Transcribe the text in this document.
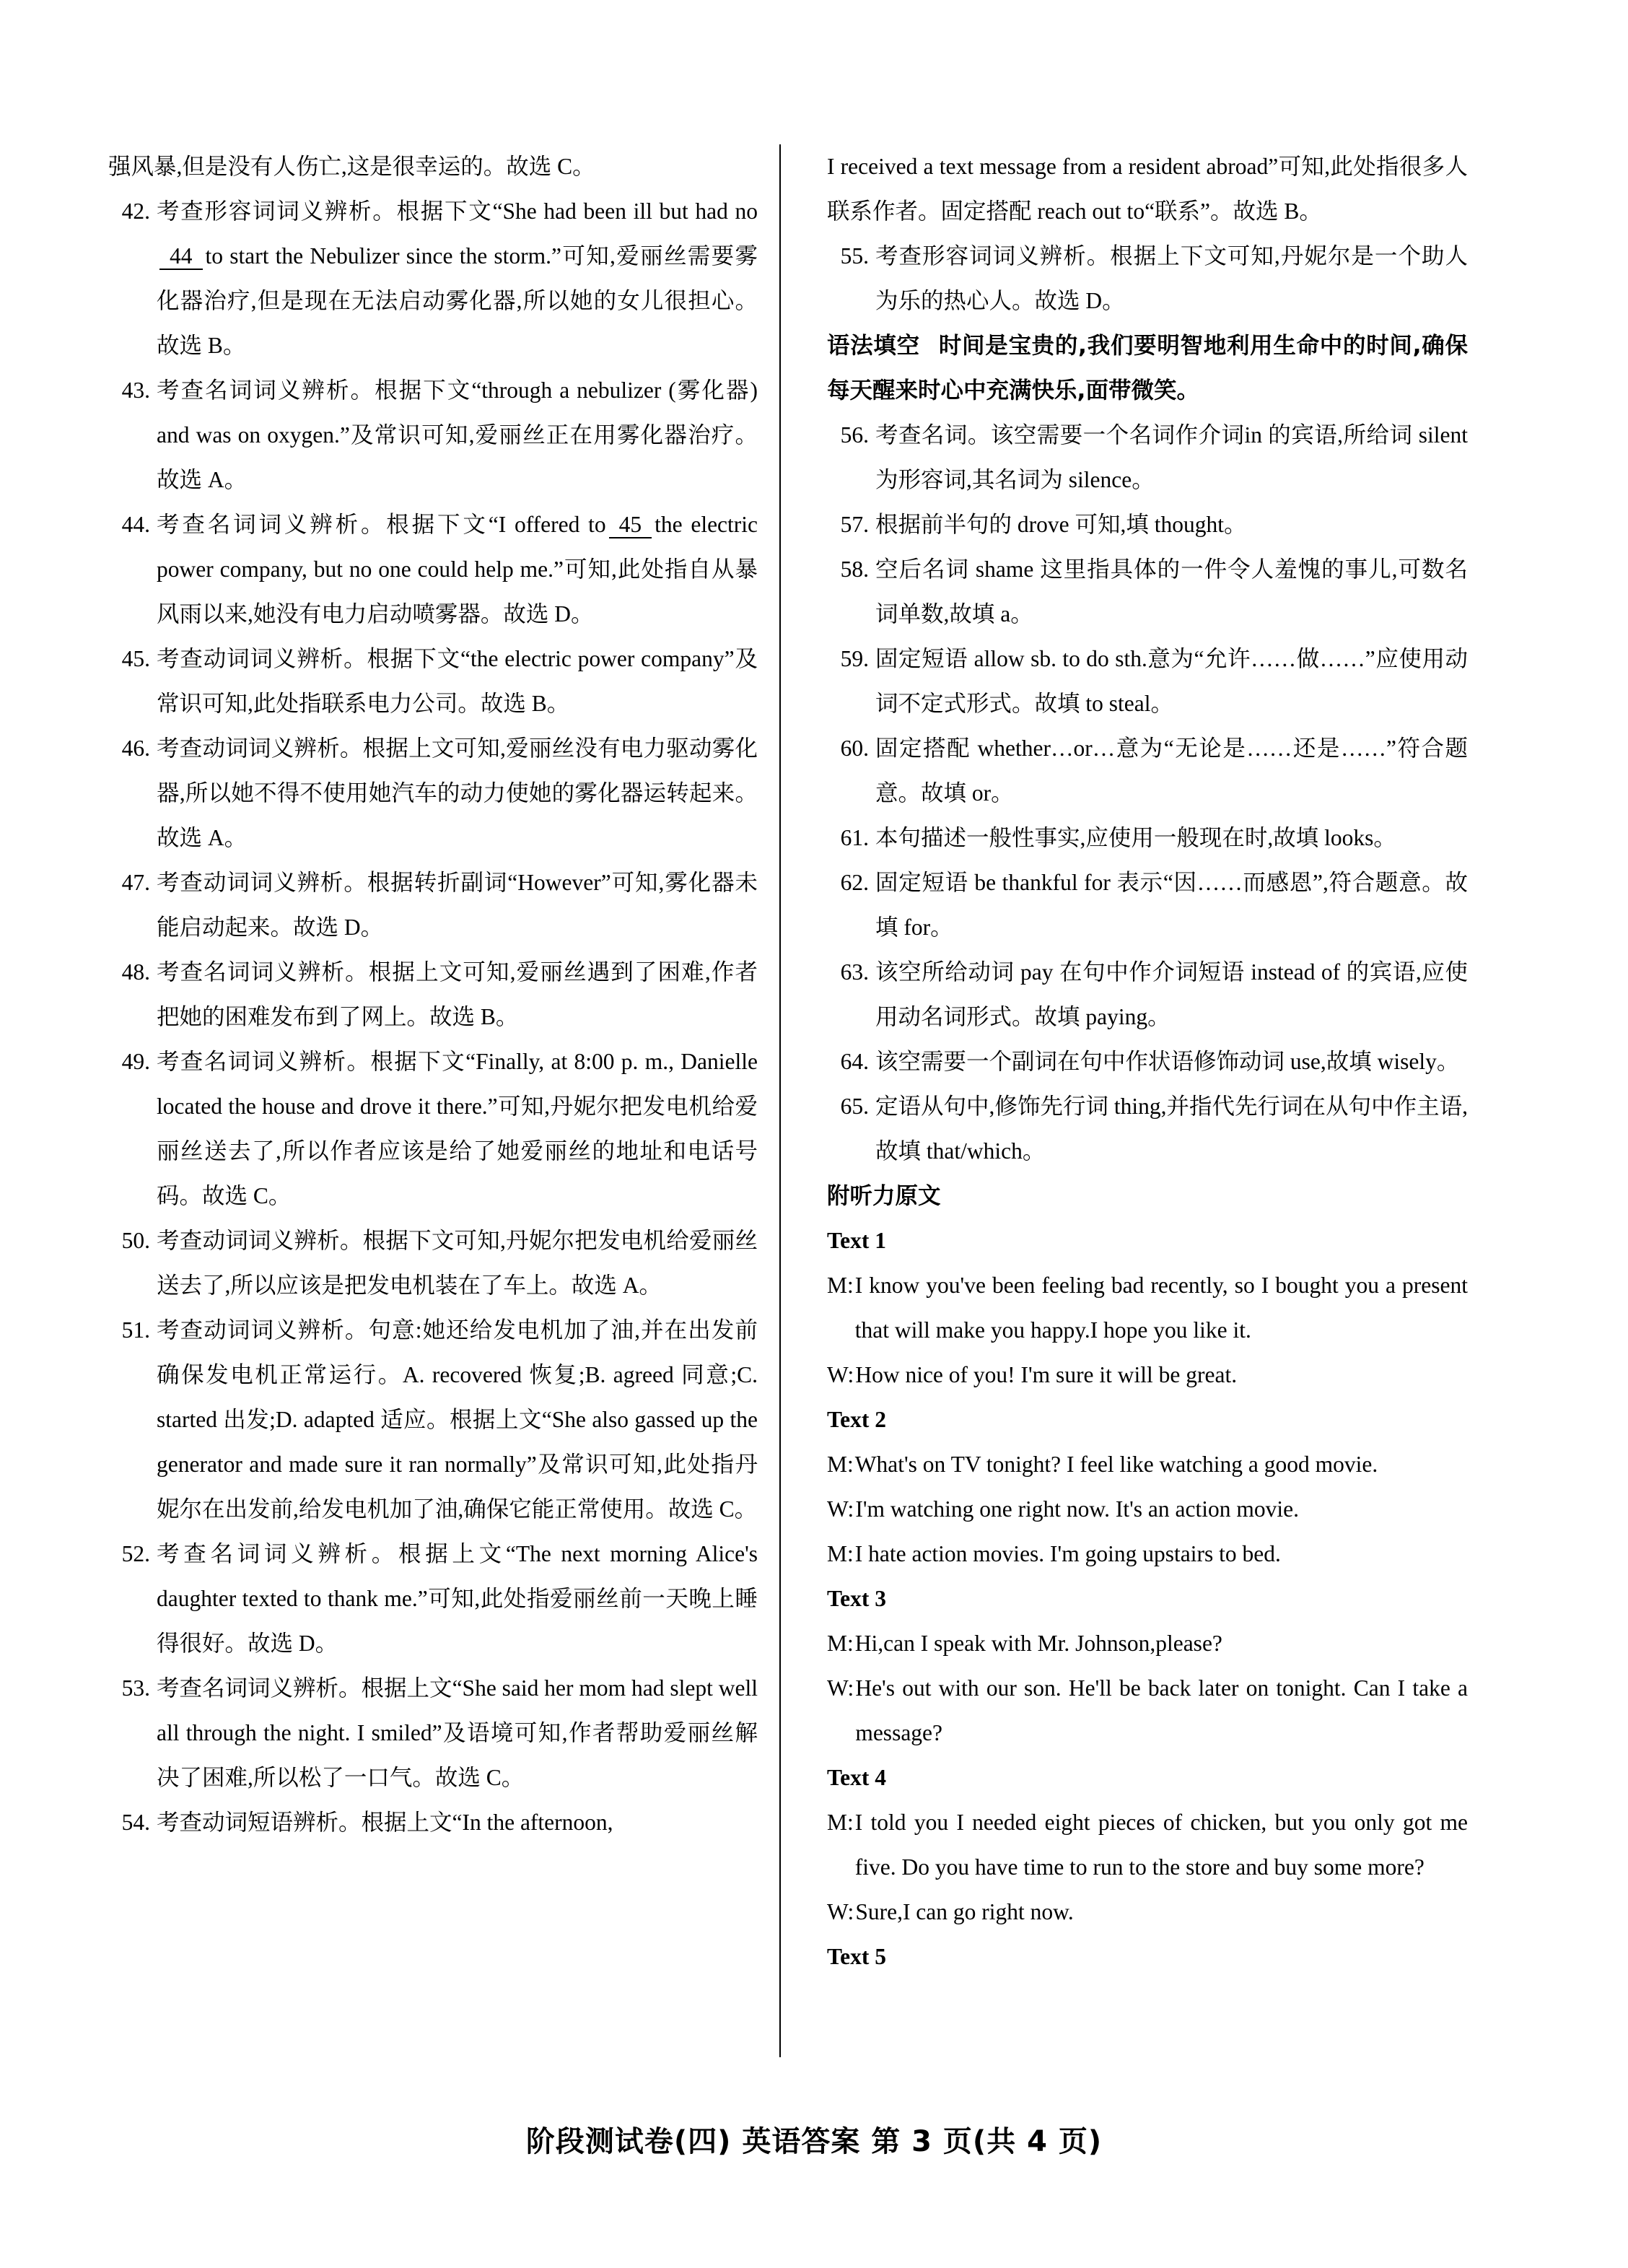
强风暴,但是没有人伤亡,这是很幸运的。故选 C。

42. 考查形容词词义辨析。根据下文“She had been ill but had no44 to start the Nebulizer since the storm.”可知,爱丽丝需要雾化器治疗,但是现在无法启动雾化器,所以她的女儿很担心。故选 B。
43. 考查名词词义辨析。根据下文“through a nebulizer (雾化器) and was on oxygen.”及常识可知,爱丽丝正在用雾化器治疗。故选 A。
44. 考查名词词义辨析。根据下文“I offered to 45 the electric power company, but no one could help me.”可知,此处指自从暴风雨以来,她没有电力启动喷雾器。故选 D。
45. 考查动词词义辨析。根据下文“the electric power company”及常识可知,此处指联系电力公司。故选 B。
46. 考查动词词义辨析。根据上文可知,爱丽丝没有电力驱动雾化器,所以她不得不使用她汽车的动力使她的雾化器运转起来。故选 A。
47. 考查动词词义辨析。根据转折副词“However”可知,雾化器未能启动起来。故选 D。
48. 考查名词词义辨析。根据上文可知,爱丽丝遇到了困难,作者把她的困难发布到了网上。故选 B。
49. 考查名词词义辨析。根据下文“Finally, at 8:00 p. m., Danielle located the house and drove it there.”可知,丹妮尔把发电机给爱丽丝送去了,所以作者应该是给了她爱丽丝的地址和电话号码。故选 C。
50. 考查动词词义辨析。根据下文可知,丹妮尔把发电机给爱丽丝送去了,所以应该是把发电机装在了车上。故选 A。
51. 考查动词词义辨析。句意:她还给发电机加了油,并在出发前确保发电机正常运行。A. recovered 恢复;B. agreed 同意;C. started 出发;D. adapted 适应。根据上文“She also gassed up the generator and made sure it ran normally”及常识可知,此处指丹妮尔在出发前,给发电机加了油,确保它能正常使用。故选 C。
52. 考查名词词义辨析。根据上文“The next morning Alice's daughter texted to thank me.”可知,此处指爱丽丝前一天晚上睡得很好。故选 D。
53. 考查名词词义辨析。根据上文“She said her mom had slept well all through the night. I smiled”及语境可知,作者帮助爱丽丝解决了困难,所以松了一口气。故选 C。
54. 考查动词短语辨析。根据上文“In the afternoon,

I received a text message from a resident abroad”可知,此处指很多人联系作者。固定搭配 reach out to“联系”。故选 B。

55. 考查形容词词义辨析。根据上下文可知,丹妮尔是一个助人为乐的热心人。故选 D。

语法填空 时间是宝贵的,我们要明智地利用生命中的时间,确保每天醒来时心中充满快乐,面带微笑。

56. 考查名词。该空需要一个名词作介词in 的宾语,所给词 silent 为形容词,其名词为 silence。
57. 根据前半句的 drove 可知,填 thought。
58. 空后名词 shame 这里指具体的一件令人羞愧的事儿,可数名词单数,故填 a。
59. 固定短语 allow sb. to do sth.意为“允许……做……”应使用动词不定式形式。故填 to steal。
60. 固定搭配 whether…or…意为“无论是……还是……”符合题意。故填 or。
61. 本句描述一般性事实,应使用一般现在时,故填 looks。
62. 固定短语 be thankful for 表示“因……而感恩”,符合题意。故填 for。
63. 该空所给动词 pay 在句中作介词短语 instead of 的宾语,应使用动名词形式。故填 paying。
64. 该空需要一个副词在句中作状语修饰动词 use,故填 wisely。
65. 定语从句中,修饰先行词 thing,并指代先行词在从句中作主语,故填 that/which。

附听力原文

Text 1

M: I know you've been feeling bad recently, so I bought you a present that will make you happy.I hope you like it.
W: How nice of you! I'm sure it will be great.

Text 2

M: What's on TV tonight? I feel like watching a good movie.
W: I'm watching one right now. It's an action movie.
M: I hate action movies. I'm going upstairs to bed.

Text 3

M: Hi,can I speak with Mr. Johnson,please?
W: He's out with our son. He'll be back later on tonight. Can I take a message?

Text 4

M: I told you I needed eight pieces of chicken, but you only got me five. Do you have time to run to the store and buy some more?
W: Sure,I can go right now.

Text 5

阶段测试卷(四) 英语答案 第 3 页(共 4 页)
